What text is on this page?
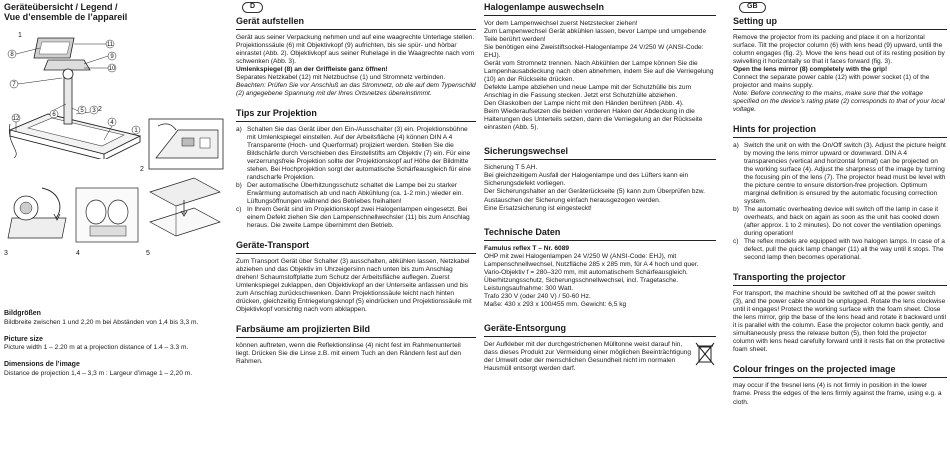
Geräteübersicht / Legend /
Vue d’ensemble de l’appareil
11
9
10
8
7
6
5
4
3
12
1
1
2
3	4	5
2
Bildgrößen
Bildbreite zwischen 1 und 2,20 m bei Abständen von 1,4 bis 3,3 m.
Picture size
Picture width 1 – 2.20 m at a projection distance of 1.4 – 3.3 m.
Dimensions de l’image
Distance de projection 1,4 – 3,3 m : Largeur d’image 1 – 2,20 m.
D
Gerät aufstellen

Gerät aus seiner Verpackung nehmen und auf eine waagrechte Unterlage stellen. Projektionssäule (6) mit Objektivkopf (9) aufrichten, bis sie spür- und hörbar einrastet (Abb. 2). Objektivkopf aus seiner Ruhelage in die Waagrechte nach vorn schwenken (Abb. 3).

Umlenkspiegel (8) an der Griffleiste ganz öffnen!

Separates Netzkabel (12) mit Netzbuchse (1) und Stromnetz verbinden.

Beachten: Prüfen Sie vor Anschluß an das Stromnetz, ob die auf dem Typenschild (2) angegebene Spannung mit der Ihres Ortsnetzes übereinstimmt.

Tips zur Projektion
a) Schalten Sie das Gerät über den Ein-/Ausschalter (3) ein. Projektionsbühne mit Umlenkspiegel einstellen. Auf der Arbeitsfläche (4) können DIN A 4 Transparente (Hoch- und Querformat) projiziert werden. Stellen Sie die Bildschärfe durch Verschieben des Einstellstifts am Objektiv (7) ein. Für eine verzerrungsfreie Projektion sollte der Projektionskopf auf Höhe der Bildmitte stehen. Bei Hochprojektion sorgt der automatische Schärfeausgleich für eine randscharfe Projektion.
b) Der automatische Überhitzungsschutz schaltet die Lampe bei zu starker Erwärmung automatisch ab und nach Abkühlung (ca. 1-2 min.) wieder ein. Lüftungsöffnungen während des Betriebes freihalten!
c) In Ihrem Gerät sind im Projektionskopf zwei Halogenlampen eingesetzt. Bei einem Defekt ziehen Sie den Lampenschnellwechsler (11) bis zum Anschlag heraus. Die zweite Lampe übernimmt den Betrieb.
Geräte-Transport

Zum Transport Gerät über Schalter (3) ausschalten, abkühlen lassen, Netzkabel abziehen und das Objektiv im Uhrzeigersinn nach unten bis zum Anschlag drehen! Schaumstoffplatte zum Schutz der Arbeitsfläche auflegen. Zuerst Umlenkspiegel zuklappen, den Objektivkopf an der Unterseite anfassen und bis zum Anschlag zurückschwenken. Dann Projektionssäule leicht nach hinten drücken, gleichzeitig Entriegelungsknopf (5) eindrücken und Projektionssäule mit Objektivkopf vorsichtig nach vorn abklappen.

Farbsäume am projizierten Bild

können auftreten, wenn die Reflektionslinse (4) nicht fest im Rahmenunterteil liegt. Drücken Sie die Linse z.B. mit einem Tuch an den Rändern fest auf den Rahmen.

Halogenlampe auswechseln

Vor dem Lampenwechsel zuerst Netzstecker ziehen!

Zum Lampenwechsel Gerät abkühlen lassen, bevor Lampe und umgebende Teile berührt werden!

Sie benötigen eine Zweistiftsockel-Halogenlampe 24 V/250 W (ANSI-Code: EHJ).

Gerät vom Stromnetz trennen. Nach Abkühlen der Lampe können Sie die Lampenhausabdeckung nach oben abnehmen, indem Sie auf die Verriegelung (10) an der Rückseite drücken.

Defekte Lampe abziehen und neue Lampe mit der Schutzhülle bis zum Anschlag in die Fassung stecken. Jetzt erst Schutzhülle abziehen.

Den Glaskolben der Lampe nicht mit den Händen berühren (Abb. 4).

Beim Wiederaufsetzen die beiden vorderen Haken der Abdeckung in die Halterungen des Unterteils setzen, dann die Verriegelung an der Rückseite einrasten (Abb. 5).

Sicherungswechsel

Sicherung T 5 AH.

Bei gleichzeitigem Ausfall der Halogenlampe und des Lüfters kann ein Sicherungsdefekt vorliegen.

Der Sicherungshalter an der Geräterückseite (5) kann zum Überprüfen bzw. Austauschen der Sicherung einfach herausgezogen werden.

Eine Ersatzsicherung ist eingesteckt!

Technische Daten

Famulus reflex T – Nr. 6089

OHP mit zwei Halogenlampen 24 V/250 W (ANSI-Code: EHJ), mit Lampenschnellwechsel, Nutzfläche 285 x 285 mm, für A 4 hoch und quer.

Vario-Objektiv f = 280–320 mm, mit automatischem Schärfeausgleich.

Überhitzungsschutz, Sicherungsschnellwechsel, incl. Tragetasche.

Leistungsaufnahme: 300 Watt.

Trafo 230 V (oder 240 V) / 50-60 Hz.

Maße: 430 x 293 x 100/455 mm. Gewicht: 6,5 kg

Geräte-Entsorgung

Der Aufkleber mit der durchgestrichenen Mülltonne weist darauf hin, dass dieses Produkt zur Vermeidung einer möglichen Beeinträchtigung der Umwelt oder der menschlichen Gesundheit nicht im normalen Hausmüll entsorgt werden darf.

GB
Setting up

Remove the projector from its packing and place it on a horizontal surface. Tilt the projector column (6) with lens head (9) upward, until the column engages (fig. 2). Move the lens head out of its resting position by swivelling it horizontally so that it faces forward (fig. 3).

Open the lens mirror (8) completely with the grip!

Connect the separate power cable (12) with power socket (1) of the projector and mains supply.

Note: Before connecting to the mains, make sure that the voltage specified on the device’s rating plate (2) corresponds to that of your local voltage.

Hints for projection
a) Switch the unit on with the On/Off switch (3). Adjust the picture height by moving the lens mirror upward or downward. DIN A 4 transparencies (vertical and horizontal format) can be projected on the working surface (4). Adjust the sharpness of the image by turning the focusing pin of the lens (7). The projector head must be level with the picture centre to ensure distortion-free projection. Optimum marginal definition is ensured by the automatic focusing correction system.
b) The automatic overheating device will switch off the lamp in case it overheats, and back on again as soon as the unit has cooled down (after approx. 1 to 2 minutes). Do not cover the ventilation openings during operation!
c) The reflex models are equipped with two halogen lamps. In case of a defect, pull the quick lamp changer (11) all the way until it stops. The second lamp then becomes operational.
Transporting the projector

For transport, the machine should be switched off at the power switch (3), and the power cable should be unplugged. Rotate the lens clockwise until it engages! Protect the working surface with the foam sheet. Close the lens mirror, grip the base of the lens head and rotate it backward until it is parallel with the column. Ease the projector column back gently, and simultaneously press the release button (5), then fold the projector column with lens head carefully forward until it rests flat on the protective foam sheet.

Colour fringes on the projected image

may occur if the fresnel lens (4) is not firmly in position in the lower frame. Press the edges of the lens firmly against the frame, using e.g. a cloth.
